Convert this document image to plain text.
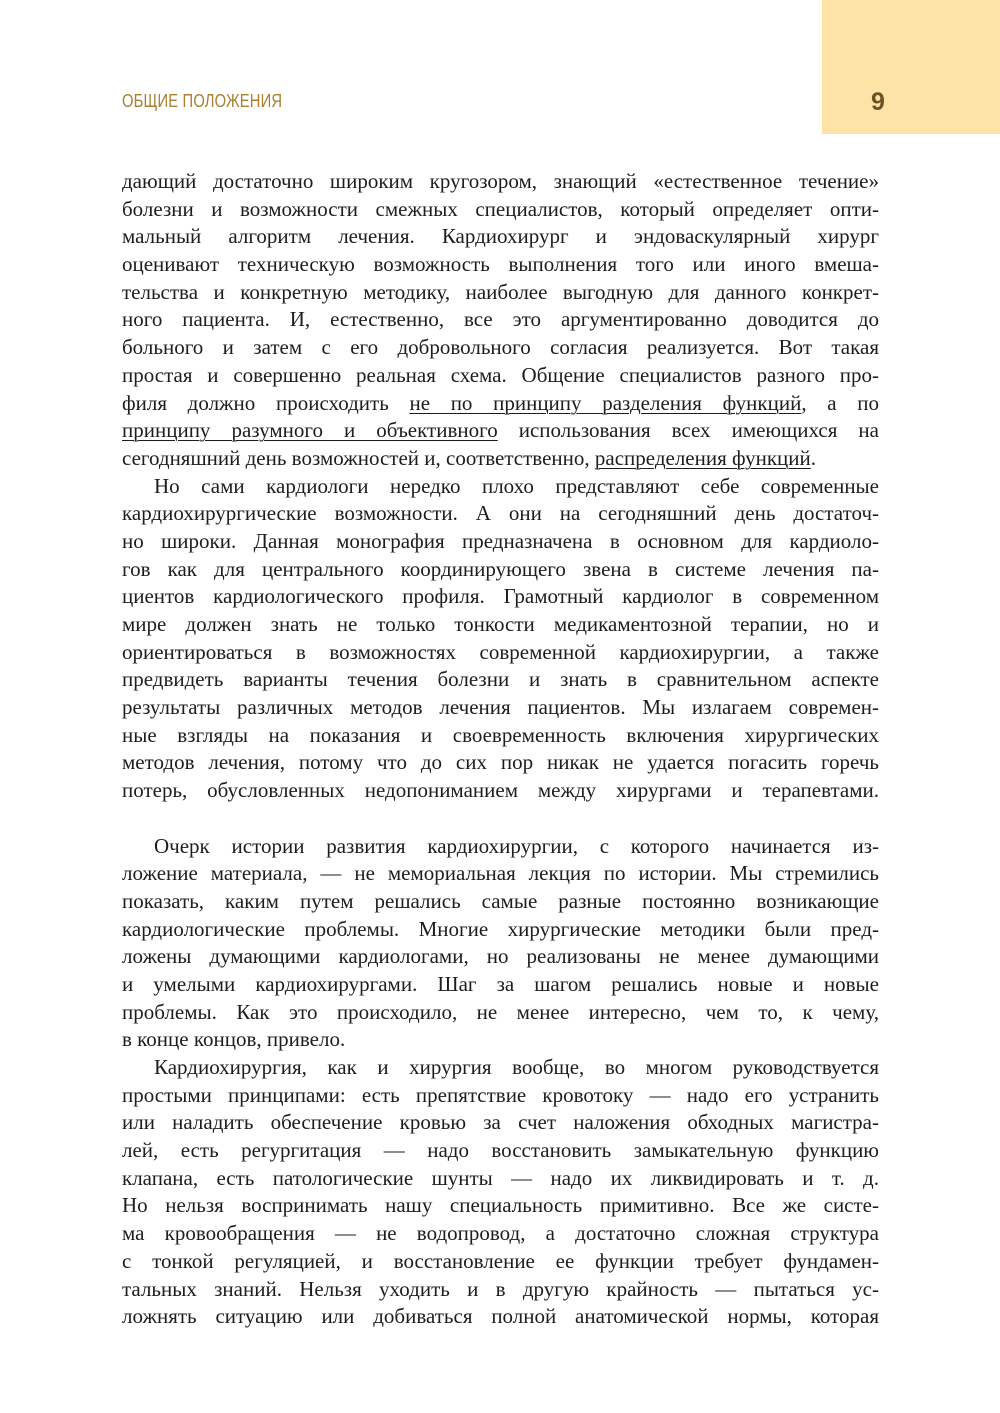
9
ОБЩИЕ ПОЛОЖЕНИЯ
дающий достаточно широким кругозором, знающий «естественное течение»
болезни и возможности смежных специалистов, который определяет опти-
мальный алгоритм лечения. Кардиохирург и эндоваскулярный хирург
оценивают техническую возможность выполнения того или иного вмеша-
тельства и конкретную методику, наиболее выгодную для данного конкрет-
ного пациента. И, естественно, все это аргументированно доводится до
больного и затем с его добровольного согласия реализуется. Вот такая
простая и совершенно реальная схема. Общение специалистов разного про-
филя должно происходить не по принципу разделения функций, а по
принципу разумного и объективного использования всех имеющихся на
сегодняшний день возможностей и, соответственно, распределения функций.
Но сами кардиологи нередко плохо представляют себе современные
кардиохирургические возможности. А они на сегодняшний день достаточ-
но широки. Данная монография предназначена в основном для кардиоло-
гов как для центрального координирующего звена в системе лечения па-
циентов кардиологического профиля. Грамотный кардиолог в современном
мире должен знать не только тонкости медикаментозной терапии, но и
ориентироваться в возможностях современной кардиохирургии, а также
предвидеть варианты течения болезни и знать в сравнительном аспекте
результаты различных методов лечения пациентов. Мы излагаем современ-
ные взгляды на показания и своевременность включения хирургических
методов лечения, потому что до сих пор никак не удается погасить горечь
потерь, обусловленных недопониманием между хирургами и терапевтами.
Очерк истории развития кардиохирургии, с которого начинается из-
ложение материала, — не мемориальная лекция по истории. Мы стремились
показать, каким путем решались самые разные постоянно возникающие
кардиологические проблемы. Многие хирургические методики были пред-
ложены думающими кардиологами, но реализованы не менее думающими
и умелыми кардиохирургами. Шаг за шагом решались новые и новые
проблемы. Как это происходило, не менее интересно, чем то, к чему,
в конце концов, привело.
Кардиохирургия, как и хирургия вообще, во многом руководствуется
простыми принципами: есть препятствие кровотоку — надо его устранить
или наладить обеспечение кровью за счет наложения обходных магистра-
лей, есть регургитация — надо восстановить замыкательную функцию
клапана, есть патологические шунты — надо их ликвидировать и т. д.
Но нельзя воспринимать нашу специальность примитивно. Все же систе-
ма кровообращения — не водопровод, а достаточно сложная структура
с тонкой регуляцией, и восстановление ее функции требует фундамен-
тальных знаний. Нельзя уходить и в другую крайность — пытаться ус-
ложнять ситуацию или добиваться полной анатомической нормы, которая
